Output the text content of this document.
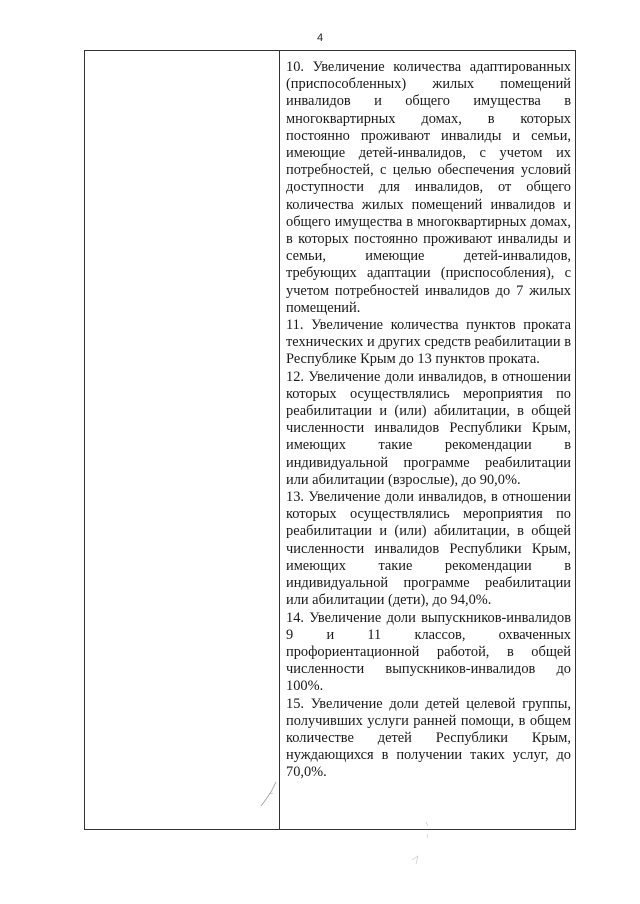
4

10. Увеличение количества адаптированных (приспособленных) жилых помещений инвалидов и общего имущества в многоквартирных домах, в которых постоянно проживают инвалиды и семьи, имеющие детей-инвалидов, с учетом их потребностей, с целью обеспечения условий доступности для инвалидов, от общего количества жилых помещений инвалидов и общего имущества в многоквартирных домах, в которых постоянно проживают инвалиды и семьи, имеющие детей-инвалидов, требующих адаптации (приспособления), с учетом потребностей инвалидов до 7 жилых помещений.

11. Увеличение количества пунктов проката технических и других средств реабилитации в Республике Крым до 13 пунктов проката.

12. Увеличение доли инвалидов, в отношении которых осуществлялись мероприятия по реабилитации и (или) абилитации, в общей численности инвалидов Республики Крым, имеющих такие рекомендации в индивидуальной программе реабилитации или абилитации (взрослые), до 90,0%.

13. Увеличение доли инвалидов, в отношении которых осуществлялись мероприятия по реабилитации и (или) абилитации, в общей численности инвалидов Республики Крым, имеющих такие рекомендации в индивидуальной программе реабилитации или абилитации (дети), до 94,0%.

14. Увеличение доли выпускников-инвалидов 9 и 11 классов, охваченных профориентационной работой, в общей численности выпускников-инвалидов до 100%.

15. Увеличение доли детей целевой группы, получивших услуги ранней помощи, в общем количестве детей Республики Крым, нуждающихся в получении таких услуг, до 70,0%.
